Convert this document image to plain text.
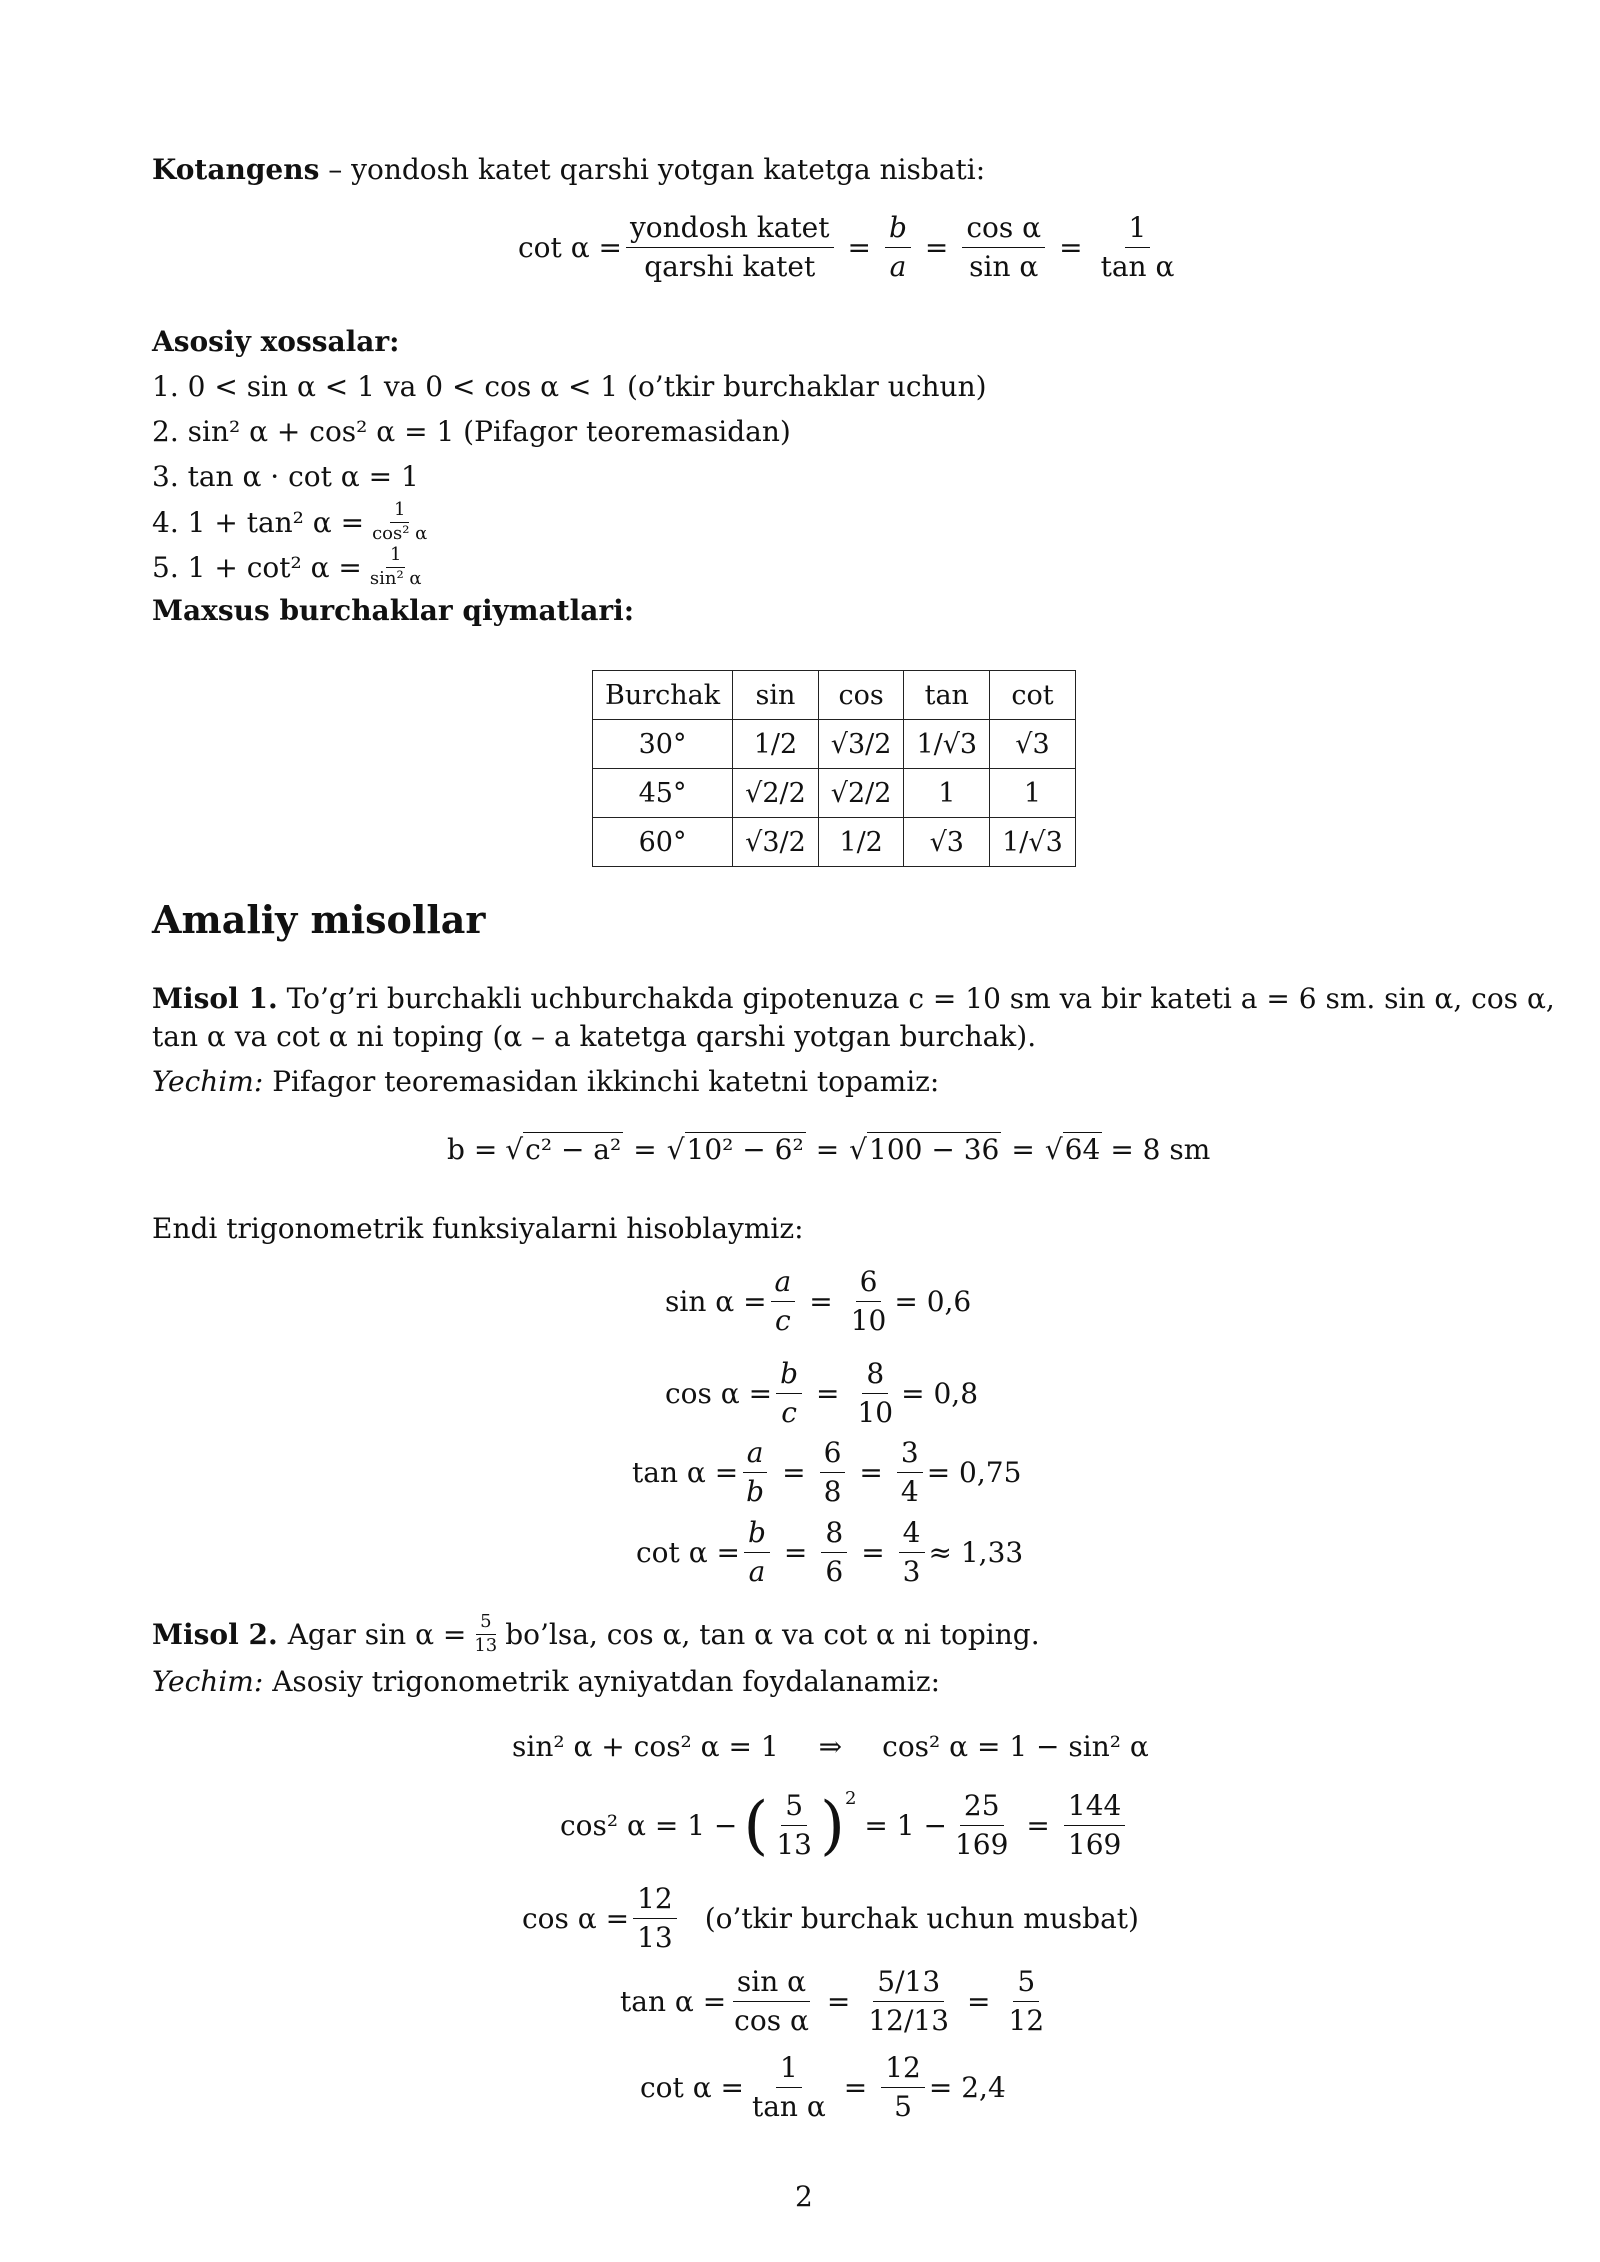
Kotangens – yondosh katet qarshi yotgan katetga nisbati:
$\cot \alpha = \frac{\text{yondosh katet}}{\text{qarshi katet}} = \frac{b}{a} = \frac{\text{cos α}}{\text{sin α}} = \frac{1}{\text{tan α}}$
Asosiy xossalar:
1. 0 < sin α < 1 va 0 < cos α < 1 (o’tkir burchaklar uchun)
2. sin² α + cos² α = 1 (Pifagor teoremasidan)
3. tan α · cot α = 1
4. 1 + tan² $\alpha = \frac{1}{\text{cos² α}}$
5. 1 + cot² $\alpha = \frac{1}{\text{sin² α}}$
Maxsus burchaklar qiymatlari:
Burchak	sin	cos	tan	cot
30°	1/2	√3/2	1/√3	√3
45°	√2/2	√2/2	1	1
60°	√3/2	1/2	√3	1/√3
Amaliy misollar
Misol 1. To’g’ri burchakli uchburchakda gipotenuza c = 10 sm va bir kateti a = 6 sm. sin α, cos α,
tan α va cot α ni toping (α – a katetga qarshi yotgan burchak).
Yechim: Pifagor teoremasidan ikkinchi katetni topamiz:
b = √ c² − a² = √ 10² − 6² = √ 100 − 36 = √ 64 = 8 sm
Endi trigonometrik funksiyalarni hisoblaymiz:
$\sin \alpha = \frac{a}{c} = \frac{6}{10} = 0,6$
$\cos \alpha = \frac{b}{c} = \frac{8}{10} = 0,8$
$\tan \alpha = \frac{a}{b} = \frac{6}{8} = \frac{3}{4} = 0,75$
$\cot \alpha = \frac{b}{a} = \frac{8}{6} = \frac{4}{3} \approx 1,33$
Misol 2. Agar $\sin \alpha = \frac{5}{13}$ bo’lsa, cos α, tan α va cot α ni toping.
Yechim: Asosiy trigonometrik ayniyatdan foydalanamiz:
sin² α + cos² α = 1 ⇒ cos² α = 1 − sin² α
cos² α = 1 − ( $\frac{5}{13}$ ) 2
= $1 - \frac{25}{169} = \frac{144}{169}$
$\cos \alpha = \frac{12}{13}$ (o’tkir burchak uchun musbat)
$\tan \alpha = \frac{\text{sin α}}{\text{cos α}} = \frac{5/13}{12/13} = \frac{5}{12}$
$\cot \alpha = \frac{1}{\text{tan α}} = \frac{12}{5} = 2,4$
2
